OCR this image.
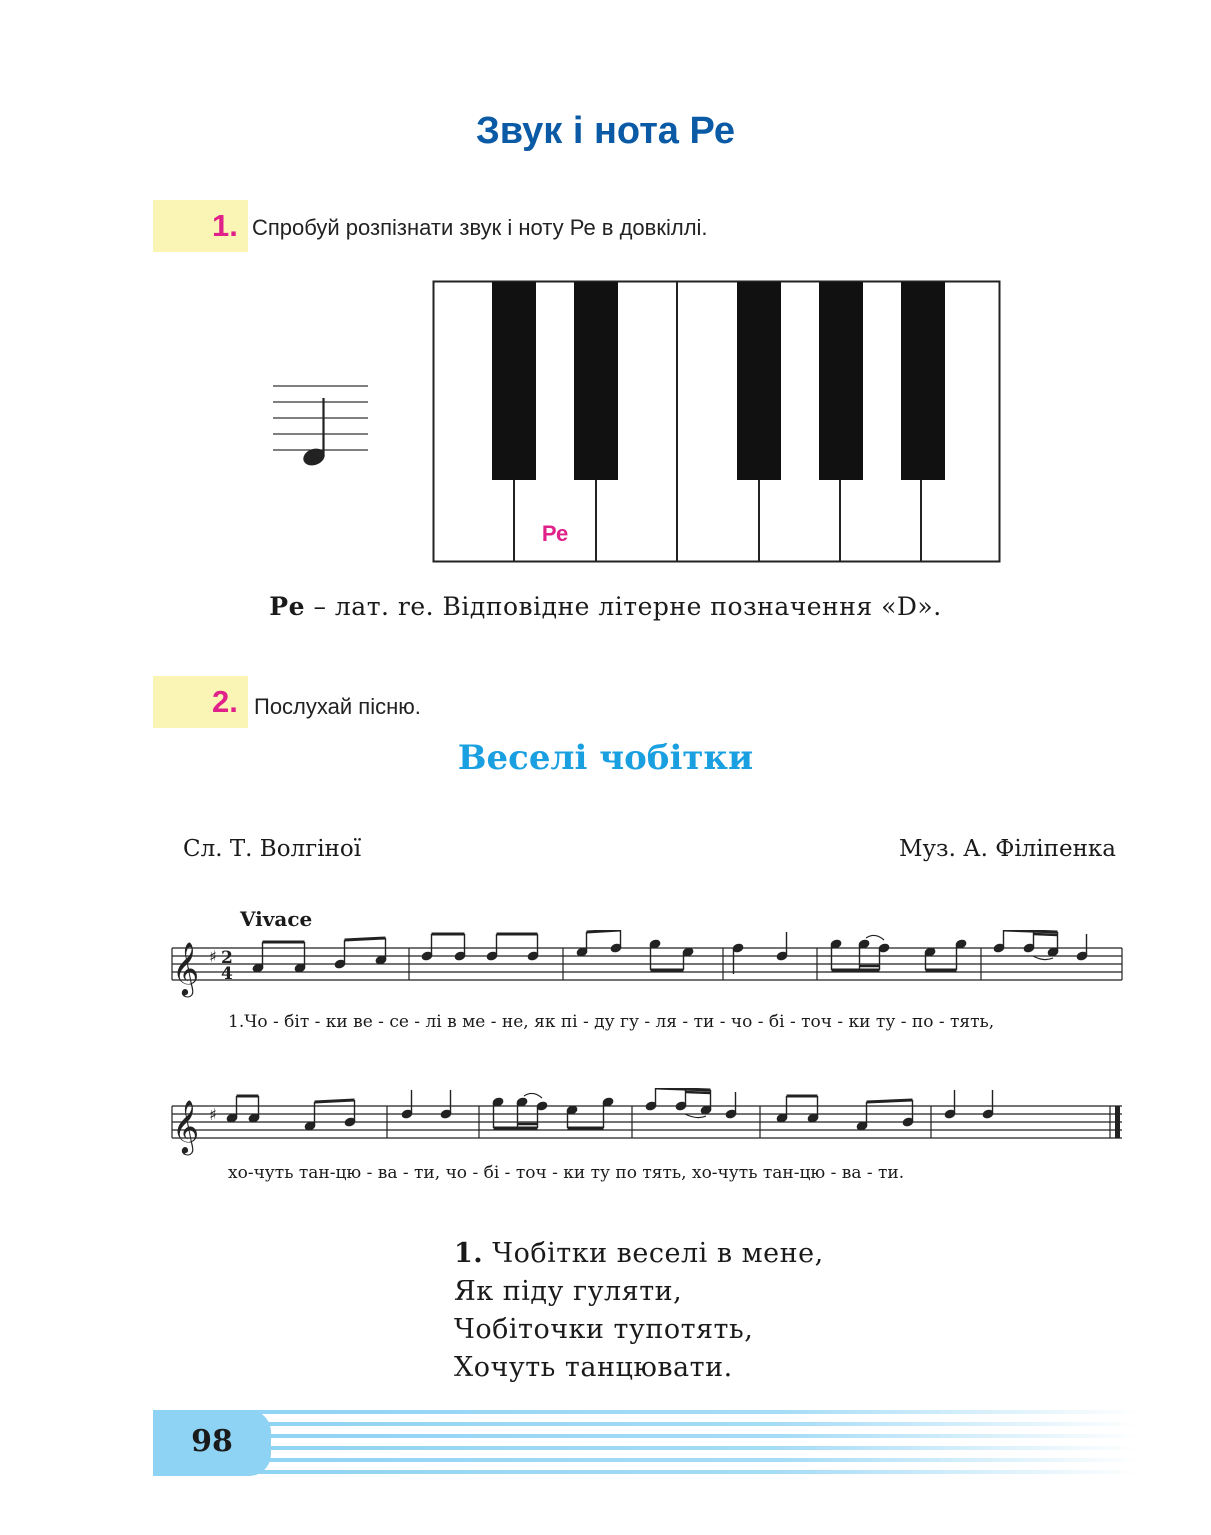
Звук і нота Ре
1. Спробуй розпізнати звук і ноту Ре в довкіллі.
Ре
Ре – лат. re. Відповідне літерне позначення «D».
2. Послухай пісню.
Веселі чобітки
Сл. Т. Волгіної	Муз. А. Філіпенка
Vivace
𝄞 ♯ 2
4
1.Чо - біт - ки ве - се - лі в ме - не, як пі - ду гу - ля - ти - чо - бі - точ - ки ту - по - тять,
𝄞 ♯
хо-чуть тан-цю - ва - ти, чо - бі - точ - ки ту по тять, хо-чуть тан-цю - ва - ти.
1. Чобітки веселі в мене,
Як піду гуляти,
Чобіточки тупотять,
Хочуть танцювати.
98
